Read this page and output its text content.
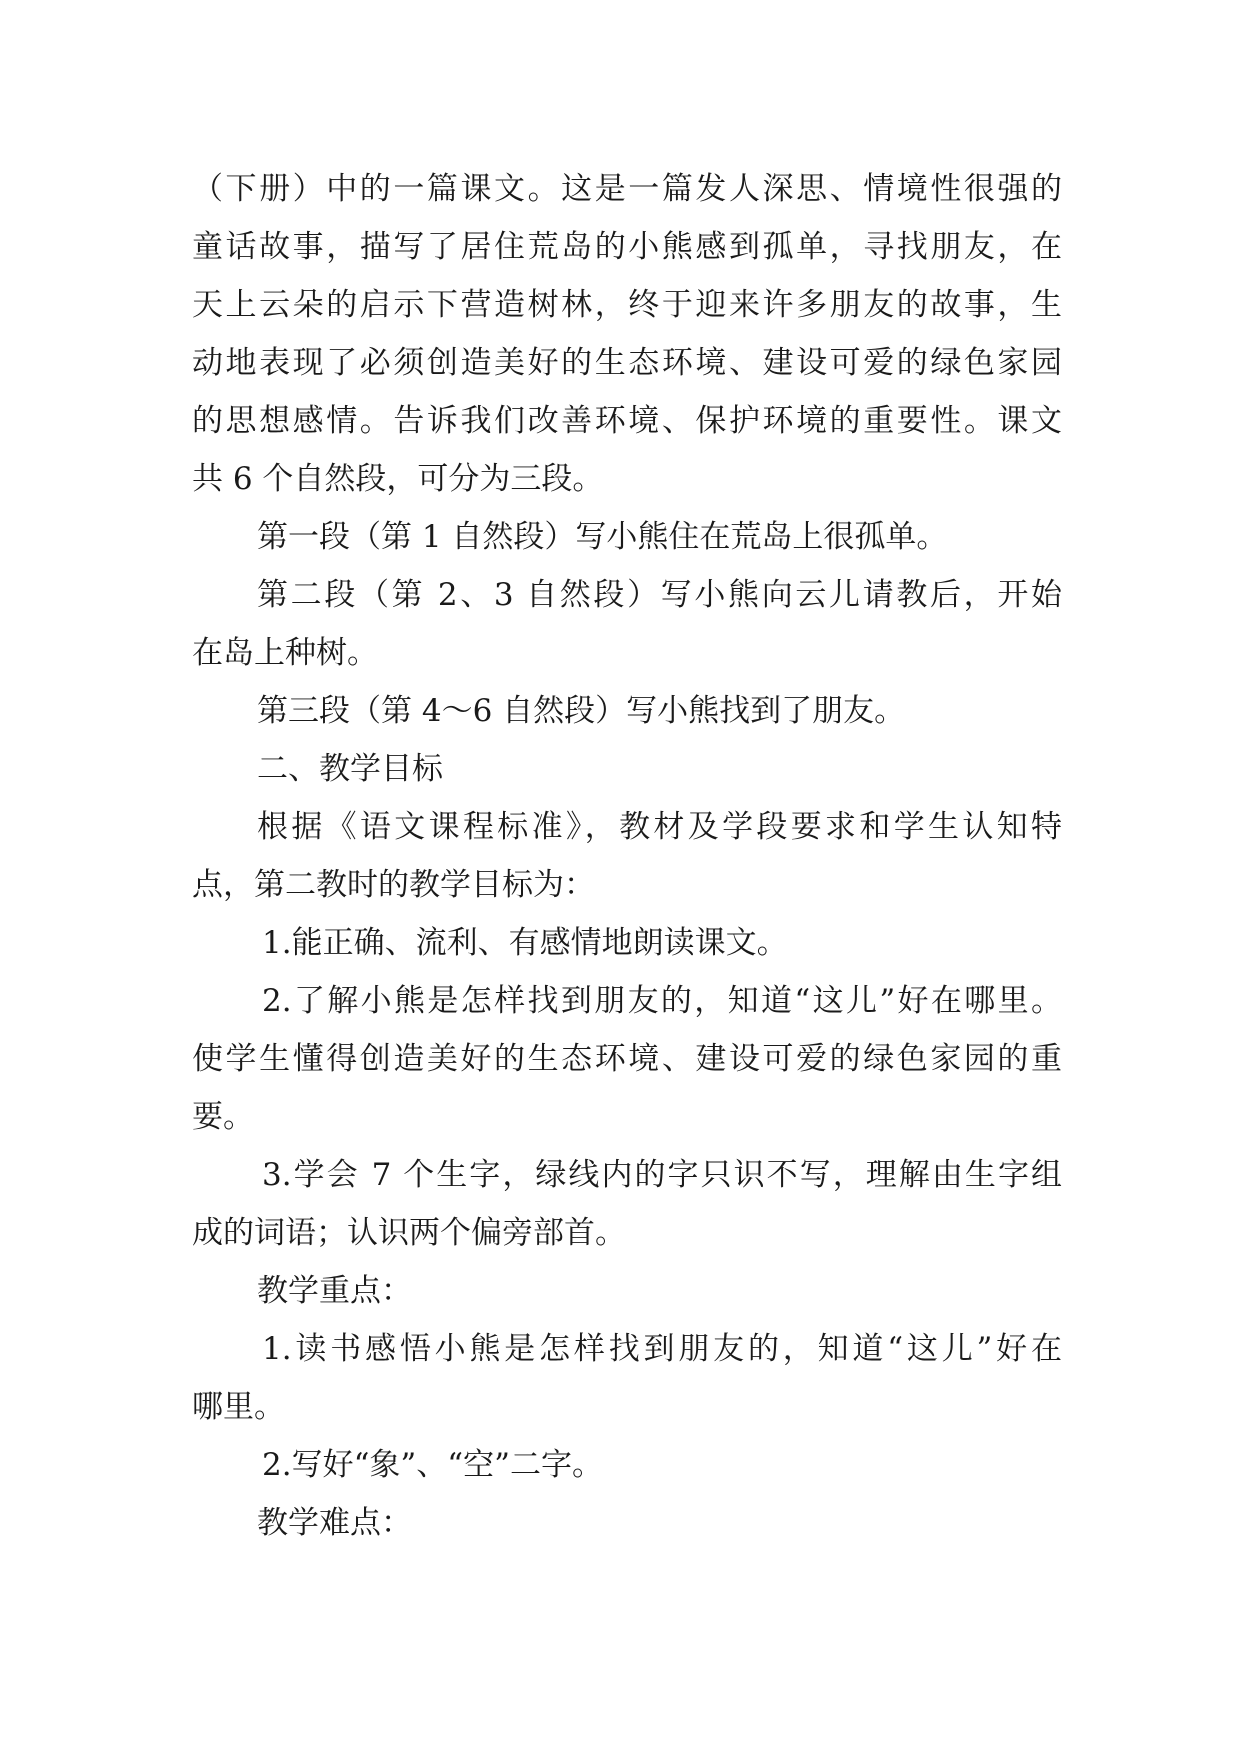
（下册）中的一篇课文。这是一篇发人深思、情境性很强的
童话故事，描写了居住荒岛的小熊感到孤单，寻找朋友，在
天上云朵的启示下营造树林，终于迎来许多朋友的故事，生
动地表现了必须创造美好的生态环境、建设可爱的绿色家园
的思想感情。告诉我们改善环境、保护环境的重要性。课文
共 6 个自然段，可分为三段。
第一段（第 1 自然段）写小熊住在荒岛上很孤单。
第二段（第 2、3 自然段）写小熊向云儿请教后，开始
在岛上种树。
第三段（第 4～6 自然段）写小熊找到了朋友。
二、教学目标
根据《语文课程标准》，教材及学段要求和学生认知特
点，第二教时的教学目标为：
1.能正确、流利、有感情地朗读课文。
2.了解小熊是怎样找到朋友的，知道“这儿”好在哪里。
使学生懂得创造美好的生态环境、建设可爱的绿色家园的重
要。
3.学会 7 个生字，绿线内的字只识不写，理解由生字组
成的词语；认识两个偏旁部首。
教学重点：
1.读书感悟小熊是怎样找到朋友的，知道“这儿”好在
哪里。
2.写好“象”、“空”二字。
教学难点：
